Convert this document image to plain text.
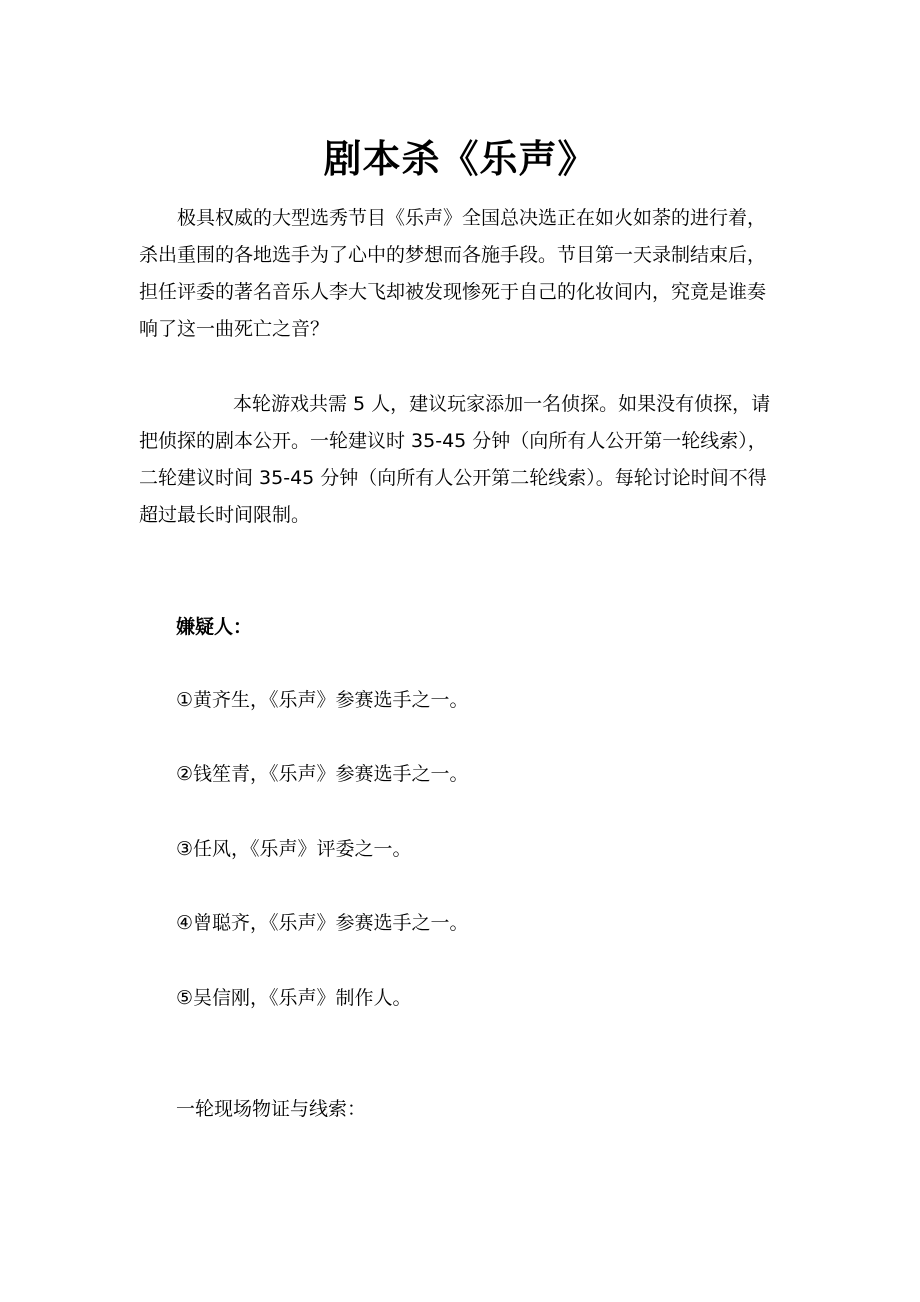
剧本杀《乐声》

极具权威的大型选秀节目《乐声》全国总决选正在如火如荼的进行着，杀出重围的各地选手为了心中的梦想而各施手段。节目第一天录制结束后，担任评委的著名音乐人李大飞却被发现惨死于自己的化妆间内，究竟是谁奏响了这一曲死亡之音？

本轮游戏共需 5 人，建议玩家添加一名侦探。如果没有侦探，请把侦探的剧本公开。一轮建议时 35-45 分钟（向所有人公开第一轮线索），二轮建议时间 35-45 分钟（向所有人公开第二轮线索）。每轮讨论时间不得超过最长时间限制。

嫌疑人：

①黄齐生，《乐声》参赛选手之一。

②钱笙青，《乐声》参赛选手之一。

③任风，《乐声》评委之一。

④曾聪齐，《乐声》参赛选手之一。

⑤吴信刚，《乐声》制作人。

一轮现场物证与线索：
